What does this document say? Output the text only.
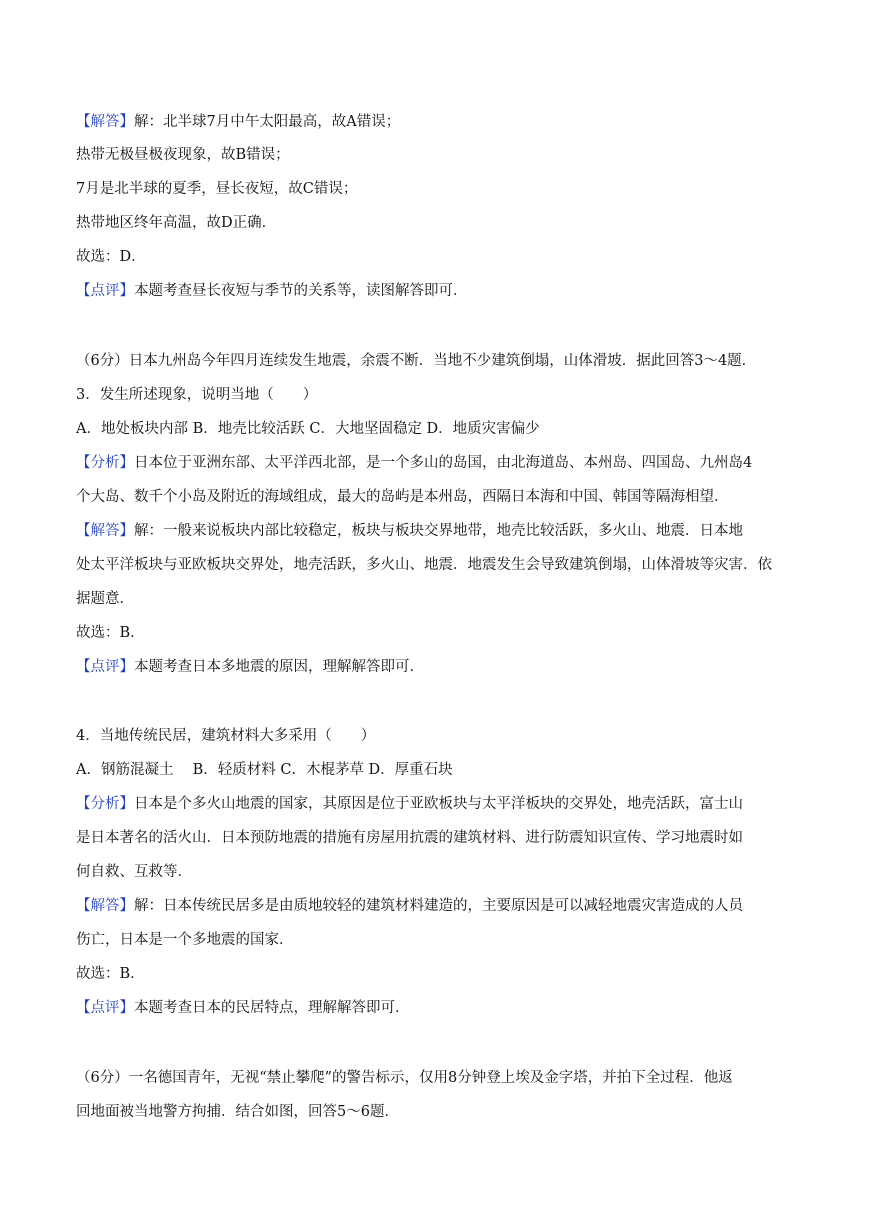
【解答】解：北半球7月中午太阳最高，故A错误；
热带无极昼极夜现象，故B错误；
7月是北半球的夏季，昼长夜短，故C错误；
热带地区终年高温，故D正确．
故选：D．
【点评】本题考查昼长夜短与季节的关系等，读图解答即可．
（6分）日本九州岛今年四月连续发生地震，余震不断．当地不少建筑倒塌，山体滑坡．据此回答3～4题．
3．发生所述现象，说明当地（　　）
A．地处板块内部 B．地壳比较活跃 C．大地坚固稳定 D．地质灾害偏少
【分析】日本位于亚洲东部、太平洋西北部，是一个多山的岛国，由北海道岛、本州岛、四国岛、九州岛4
个大岛、数千个小岛及附近的海域组成，最大的岛屿是本州岛，西隔日本海和中国、韩国等隔海相望．
【解答】解：一般来说板块内部比较稳定，板块与板块交界地带，地壳比较活跃，多火山、地震．日本地
处太平洋板块与亚欧板块交界处，地壳活跃，多火山、地震．地震发生会导致建筑倒塌，山体滑坡等灾害．依
据题意．
故选：B．
【点评】本题考查日本多地震的原因，理解解答即可．
4．当地传统民居，建筑材料大多采用（　　）
A．钢筋混凝土　 B．轻质材料 C．木棍茅草 D．厚重石块
【分析】日本是个多火山地震的国家，其原因是位于亚欧板块与太平洋板块的交界处，地壳活跃，富士山
是日本著名的活火山．日本预防地震的措施有房屋用抗震的建筑材料、进行防震知识宣传、学习地震时如
何自救、互救等．
【解答】解：日本传统民居多是由质地较轻的建筑材料建造的，主要原因是可以减轻地震灾害造成的人员
伤亡，日本是一个多地震的国家．
故选：B．
【点评】本题考查日本的民居特点，理解解答即可．
（6分）一名德国青年，无视“禁止攀爬”的警告标示，仅用8分钟登上埃及金字塔，并拍下全过程．他返
回地面被当地警方拘捕．结合如图，回答5～6题．
